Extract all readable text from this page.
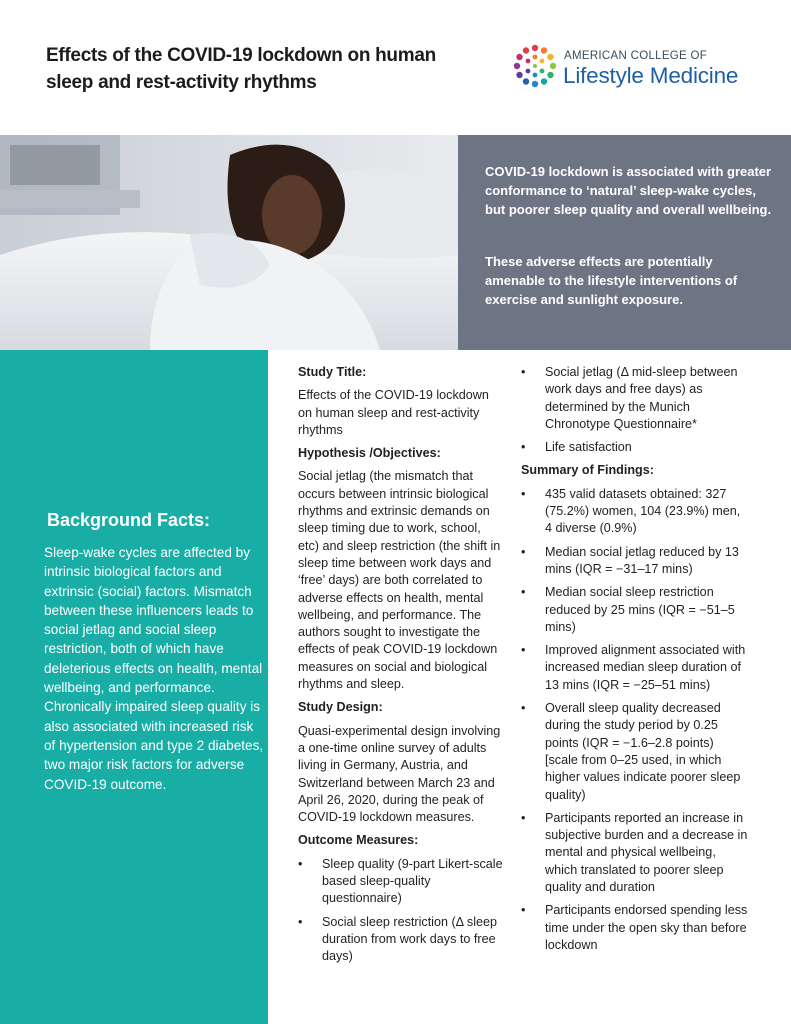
Effects of the COVID-19 lockdown on human sleep and rest-activity rhythms
AMERICAN COLLEGE OF
Lifestyle Medicine

COVID-19 lockdown is associated with greater conformance to ‘natural’ sleep-wake cycles, but poorer sleep quality and overall wellbeing.

These adverse effects are potentially amenable to the lifestyle interventions of exercise and sunlight exposure.

Background Facts:
Sleep-wake cycles are affected by intrinsic biological factors and extrinsic (social) factors. Mismatch between these influencers leads to social jetlag and social sleep restriction, both of which have deleterious effects on health, mental wellbeing, and performance. Chronically impaired sleep quality is also associated with increased risk of hypertension and type 2 diabetes, two major risk factors for adverse COVID-19 outcome.
Study Title:

Effects of the COVID-19 lockdown on human sleep and rest-activity rhythms

Hypothesis /Objectives:

Social jetlag (the mismatch that occurs between intrinsic biological rhythms and extrinsic demands on sleep timing due to work, school, etc) and sleep restriction (the shift in sleep time between work days and ‘free’ days) are both correlated to adverse effects on health, mental wellbeing, and performance. The authors sought to investigate the effects of peak COVID-19 lockdown measures on social and biological rhythms and sleep.

Study Design:

Quasi-experimental design involving a one-time online survey of adults living in Germany, Austria, and Switzerland between March 23 and April 26, 2020, during the peak of COVID-19 lockdown measures.

Outcome Measures:
• Sleep quality (9-part Likert-scale based sleep-quality questionnaire)
• Social sleep restriction (Δ sleep duration from work days to free days)
• Social jetlag (Δ mid-sleep between work days and free days) as determined by the Munich Chronotype Questionnaire*
• Life satisfaction
Summary of Findings:
• 435 valid datasets obtained: 327 (75.2%) women, 104 (23.9%) men, 4 diverse (0.9%)
• Median social jetlag reduced by 13 mins (IQR = −31–17 mins)
• Median social sleep restriction reduced by 25 mins (IQR = −51–5 mins)
• Improved alignment associated with increased median sleep duration of 13 mins (IQR = −25–51 mins)
• Overall sleep quality decreased during the study period by 0.25 points (IQR = −1.6–2.8 points) [scale from 0–25 used, in which higher values indicate poorer sleep quality)
• Participants reported an increase in subjective burden and a decrease in mental and physical wellbeing, which translated to poorer sleep quality and duration
• Participants endorsed spending less time under the open sky than before lockdown
